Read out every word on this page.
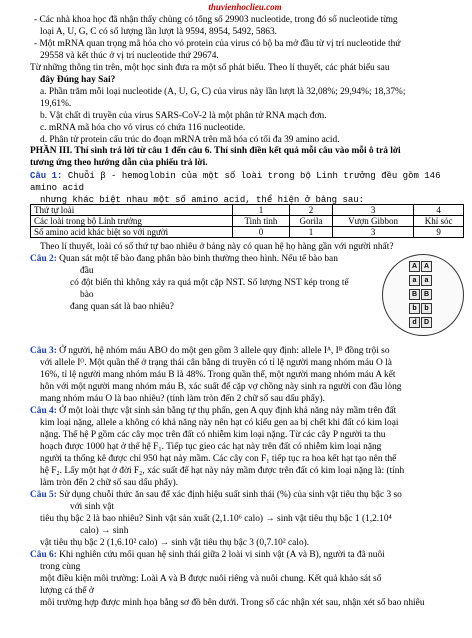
thuvienhoclieu.com
- Các nhà khoa học đã nhận thấy chủng có tổng số 29903 nucleotide, trong đó số nucleotide từng
loại A, U, G, C có số lượng lần lượt là 9594, 8954, 5492, 5863.
- Một mRNA quan trọng mã hóa cho vỏ protein của virus có bộ ba mở đầu từ vị trí nucleotide thứ
29558 và kết thúc ở vị trí nucleotide thứ 29674.
Từ những thông tin trên, một học sinh đưa ra một số phát biểu. Theo lí thuyết, các phát biểu sau
đây Đúng hay Sai?
a. Phần trăm mỗi loại nucleotide (A, U, G, C) của virus này lần lượt là 32,08%; 29,94%; 18,37%;
19,61%.
b. Vật chất di truyền của virus SARS-CoV-2 là một phân tử RNA mạch đơn.
c. mRNA mã hóa cho vỏ virus có chứa 116 nucleotide.
d. Phân tử protein cấu trúc do đoạn mRNA trên mã hóa có tối đa 39 amino acid.
PHẦN III. Thí sinh trả lời từ câu 1 đến câu 6. Thí sinh điền kết quả mỗi câu vào mỗi ô trả lời
tương ứng theo hướng dẫn của phiếu trả lời.
Câu 1: Chuỗi β - hemoglobin của một số loài trong bộ Linh trưởng đều gồm 146
amino acid
nhưng khác biệt nhau một số amino acid, thể hiện ở bảng sau:
Thứ tự loài	1	2	3	4
Các loài trong bộ Linh trưởng	Tinh tinh	Gorila	Vượn Gibbon	Khỉ sóc
Số amino acid khác biệt so với người	0	1	3	9
Theo lí thuyết, loài có số thứ tự bao nhiêu ở bảng này có quan hệ họ hàng gần với người nhất?
Câu 2: Quan sát một tế bào đang phân bào bình thường theo hình. Nếu tế bào ban
đầu
có đột biến thì không xảy ra quá một cặp NST. Số lượng NST kép trong tế
bào
đang quan sát là bao nhiêu?
A A
a	a
B B
b	b
d	D
Câu 3: Ở người, hệ nhóm máu ABO do một gen gồm 3 allele quy định: allele Iᴬ, Iᴮ đồng trội so
với allele Iᴼ. Một quần thể ở trạng thái cân bằng di truyền có tỉ lệ người mang nhóm máu O là
16%, tỉ lệ người mang nhóm máu B là 48%. Trong quần thể, một người mang nhóm máu A kết
hôn với một người mang nhóm máu B, xác suất để cặp vợ chồng này sinh ra người con đầu lòng
mang nhóm máu O là bao nhiêu? (tính làm tròn đến 2 chữ số sau dấu phẩy).
Câu 4: Ở một loài thực vật sinh sản bằng tự thụ phấn, gen A quy định khả năng nảy mầm trên đất
kim loại nặng, allele a không có khả năng này nên hạt có kiểu gen aa bị chết khi đất có kim loại
nặng. Thế hệ P gồm các cây mọc trên đất có nhiễm kim loại nặng. Từ các cây P người ta thu
hoạch được 1000 hạt ở thế hệ F₁. Tiếp tục gieo các hạt này trên đất có nhiễm kim loại nặng
người ta thống kê được chỉ 950 hạt nảy mầm. Các cây con F₁ tiếp tục ra hoa kết hạt tạo nên thế
hệ F₂. Lấy một hạt ở đời F₂, xác suất để hạt này nảy mầm được trên đất có kim loại nặng là: (tính
làm tròn đến 2 chữ số sau dấu phẩy).
Câu 5: Sử dụng chuỗi thức ăn sau để xác định hiệu suất sinh thái (%) của sinh vật tiêu thụ bậc 3 so
với sinh vật
tiêu thụ bậc 2 là bao nhiêu? Sinh vật sản xuất (2,1.10⁶ calo) → sinh vật tiêu thụ bậc 1 (1,2.10⁴
calo) → sinh
vật tiêu thụ bậc 2 (1,6.10² calo) → sinh vật tiêu thụ bậc 3 (0,7.10² calo).
Câu 6: Khi nghiên cứu mối quan hệ sinh thái giữa 2 loài vi sinh vật (A và B), người ta đã nuôi
trong cùng
một điều kiện môi trường: Loài A và B được nuôi riêng và nuôi chung. Kết quả khảo sát số
lượng cá thể ở
môi trường hợp được minh họa bằng sơ đồ bên dưới. Trong số các nhận xét sau, nhận xét số bao nhiêu
